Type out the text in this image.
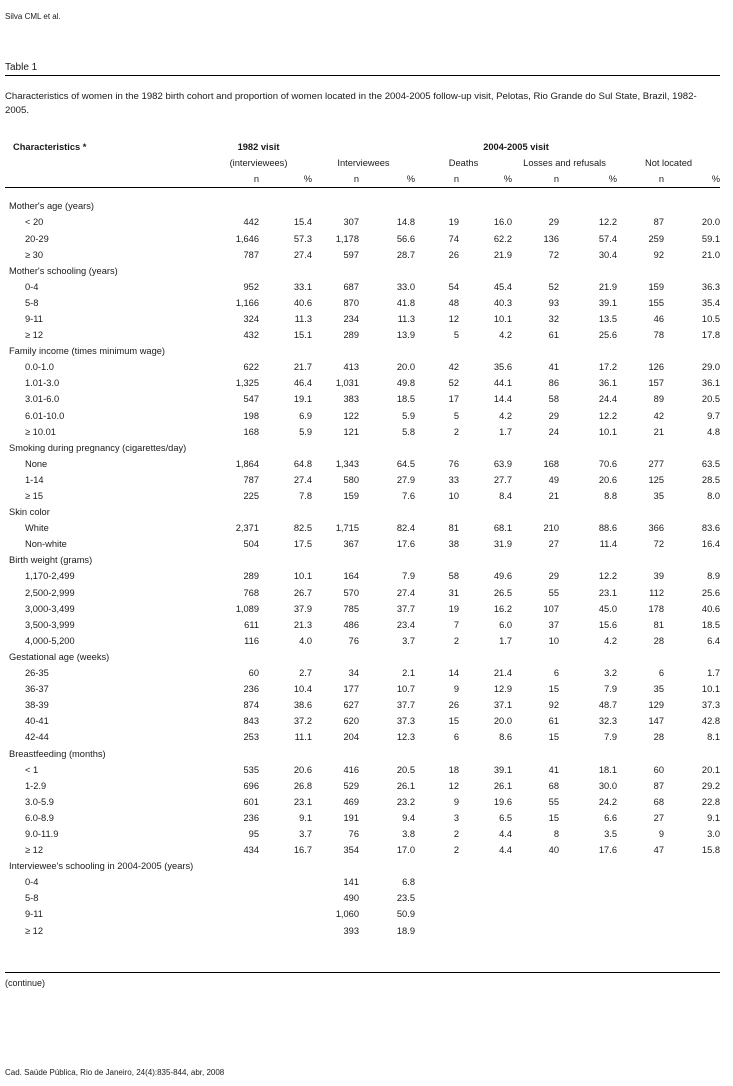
Silva CML et al.
Table 1
Characteristics of women in the 1982 birth cohort and proportion of women located in the 2004-2005 follow-up visit, Pelotas, Rio Grande do Sul State, Brazil, 1982-2005.
Characteristics *	1982 visit		2004-2005 visit							
	(interviewees)		Interviewees		Deaths		Losses and refusals		Not located	
	n	%	n	%	n	%	n	%	n	%

Mother's age (years)										
< 20	442	15.4	307	14.8	19	16.0	29	12.2	87	20.0
20-29	1,646	57.3	1,178	56.6	74	62.2	136	57.4	259	59.1
≥ 30	787	27.4	597	28.7	26	21.9	72	30.4	92	21.0
Mother's schooling (years)										
0-4	952	33.1	687	33.0	54	45.4	52	21.9	159	36.3
5-8	1,166	40.6	870	41.8	48	40.3	93	39.1	155	35.4
9-11	324	11.3	234	11.3	12	10.1	32	13.5	46	10.5
≥ 12	432	15.1	289	13.9	5	4.2	61	25.6	78	17.8
Family income (times minimum wage)										
0.0-1.0	622	21.7	413	20.0	42	35.6	41	17.2	126	29.0
1.01-3.0	1,325	46.4	1,031	49.8	52	44.1	86	36.1	157	36.1
3.01-6.0	547	19.1	383	18.5	17	14.4	58	24.4	89	20.5
6.01-10.0	198	6.9	122	5.9	5	4.2	29	12.2	42	9.7
≥ 10.01	168	5.9	121	5.8	2	1.7	24	10.1	21	4.8
Smoking during pregnancy (cigarettes/day)										
None	1,864	64.8	1,343	64.5	76	63.9	168	70.6	277	63.5
1-14	787	27.4	580	27.9	33	27.7	49	20.6	125	28.5
≥ 15	225	7.8	159	7.6	10	8.4	21	8.8	35	8.0
Skin color										
White	2,371	82.5	1,715	82.4	81	68.1	210	88.6	366	83.6
Non-white	504	17.5	367	17.6	38	31.9	27	11.4	72	16.4
Birth weight (grams)										
1,170-2,499	289	10.1	164	7.9	58	49.6	29	12.2	39	8.9
2,500-2,999	768	26.7	570	27.4	31	26.5	55	23.1	112	25.6
3,000-3,499	1,089	37.9	785	37.7	19	16.2	107	45.0	178	40.6
3,500-3,999	611	21.3	486	23.4	7	6.0	37	15.6	81	18.5
4,000-5,200	116	4.0	76	3.7	2	1.7	10	4.2	28	6.4
Gestational age (weeks)										
26-35	60	2.7	34	2.1	14	21.4	6	3.2	6	1.7
36-37	236	10.4	177	10.7	9	12.9	15	7.9	35	10.1
38-39	874	38.6	627	37.7	26	37.1	92	48.7	129	37.3
40-41	843	37.2	620	37.3	15	20.0	61	32.3	147	42.8
42-44	253	11.1	204	12.3	6	8.6	15	7.9	28	8.1
Breastfeeding (months)										
< 1	535	20.6	416	20.5	18	39.1	41	18.1	60	20.1
1-2.9	696	26.8	529	26.1	12	26.1	68	30.0	87	29.2
3.0-5.9	601	23.1	469	23.2	9	19.6	55	24.2	68	22.8
6.0-8.9	236	9.1	191	9.4	3	6.5	15	6.6	27	9.1
9.0-11.9	95	3.7	76	3.8	2	4.4	8	3.5	9	3.0
≥ 12	434	16.7	354	17.0	2	4.4	40	17.6	47	15.8
Interviewee's schooling in 2004-2005 (years)										
0-4			141	6.8						
5-8			490	23.5						
9-11			1,060	50.9						
≥ 12			393	18.9						
(continue)
Cad. Saúde Pública, Rio de Janeiro, 24(4):835-844, abr, 2008
